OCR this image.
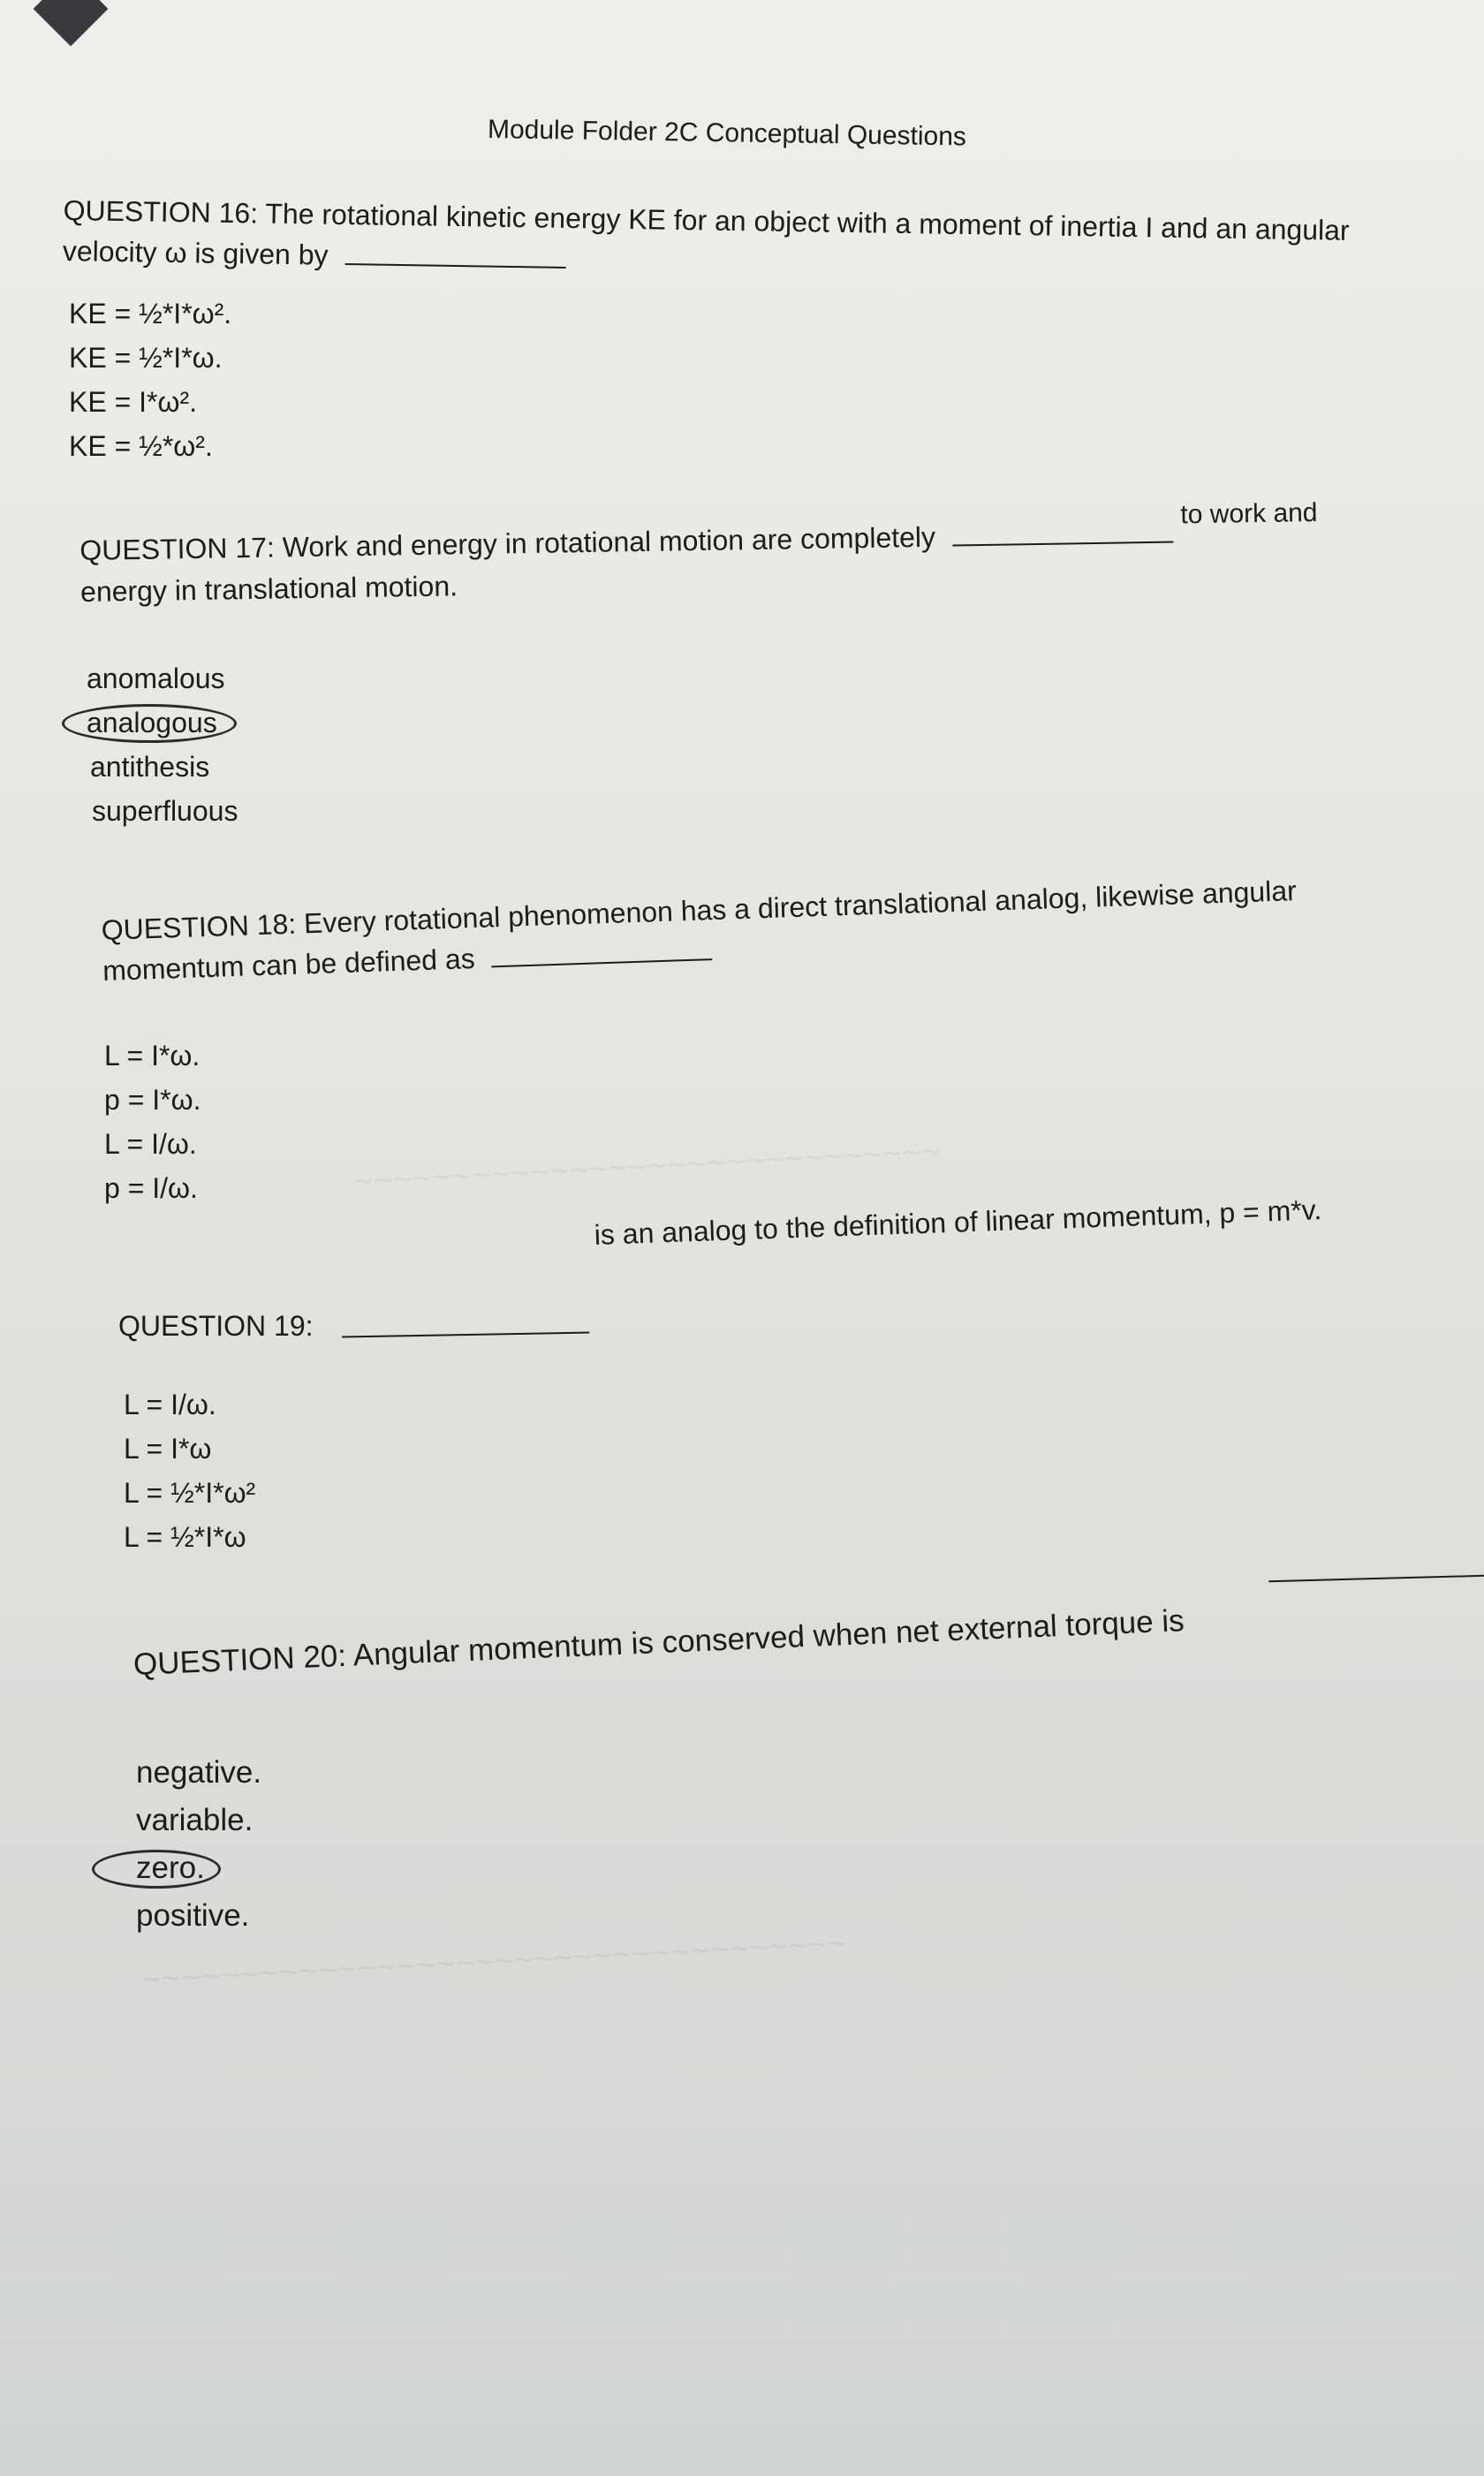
~~~~~~~~~~~~~~~~~~~~~~~~~~~~~~
~~~~~~~~~~~~~~~~~~~~~~~~~~~~~~~~~~~~
Module Folder 2C Conceptual Questions
QUESTION 16: The rotational kinetic energy KE for an object with a moment of inertia I and an angular
velocity ω is given by
KE = ½*I*ω².
KE = ½*I*ω.
KE = I*ω².
KE = ½*ω².
QUESTION 17: Work and energy in rotational motion are completely  to work and
energy in translational motion.
anomalous
analogous
antithesis
superfluous
QUESTION 18: Every rotational phenomenon has a direct translational analog, likewise angular
momentum can be defined as
L = I*ω.
p = I*ω.
L = I/ω.
p = I/ω.
is an analog to the definition of linear momentum, p = m*v.
QUESTION 19:
L = I/ω.
L = I*ω
L = ½*I*ω²
L = ½*I*ω
QUESTION 20: Angular momentum is conserved when net external torque is
negative.
variable.
zero.
positive.
